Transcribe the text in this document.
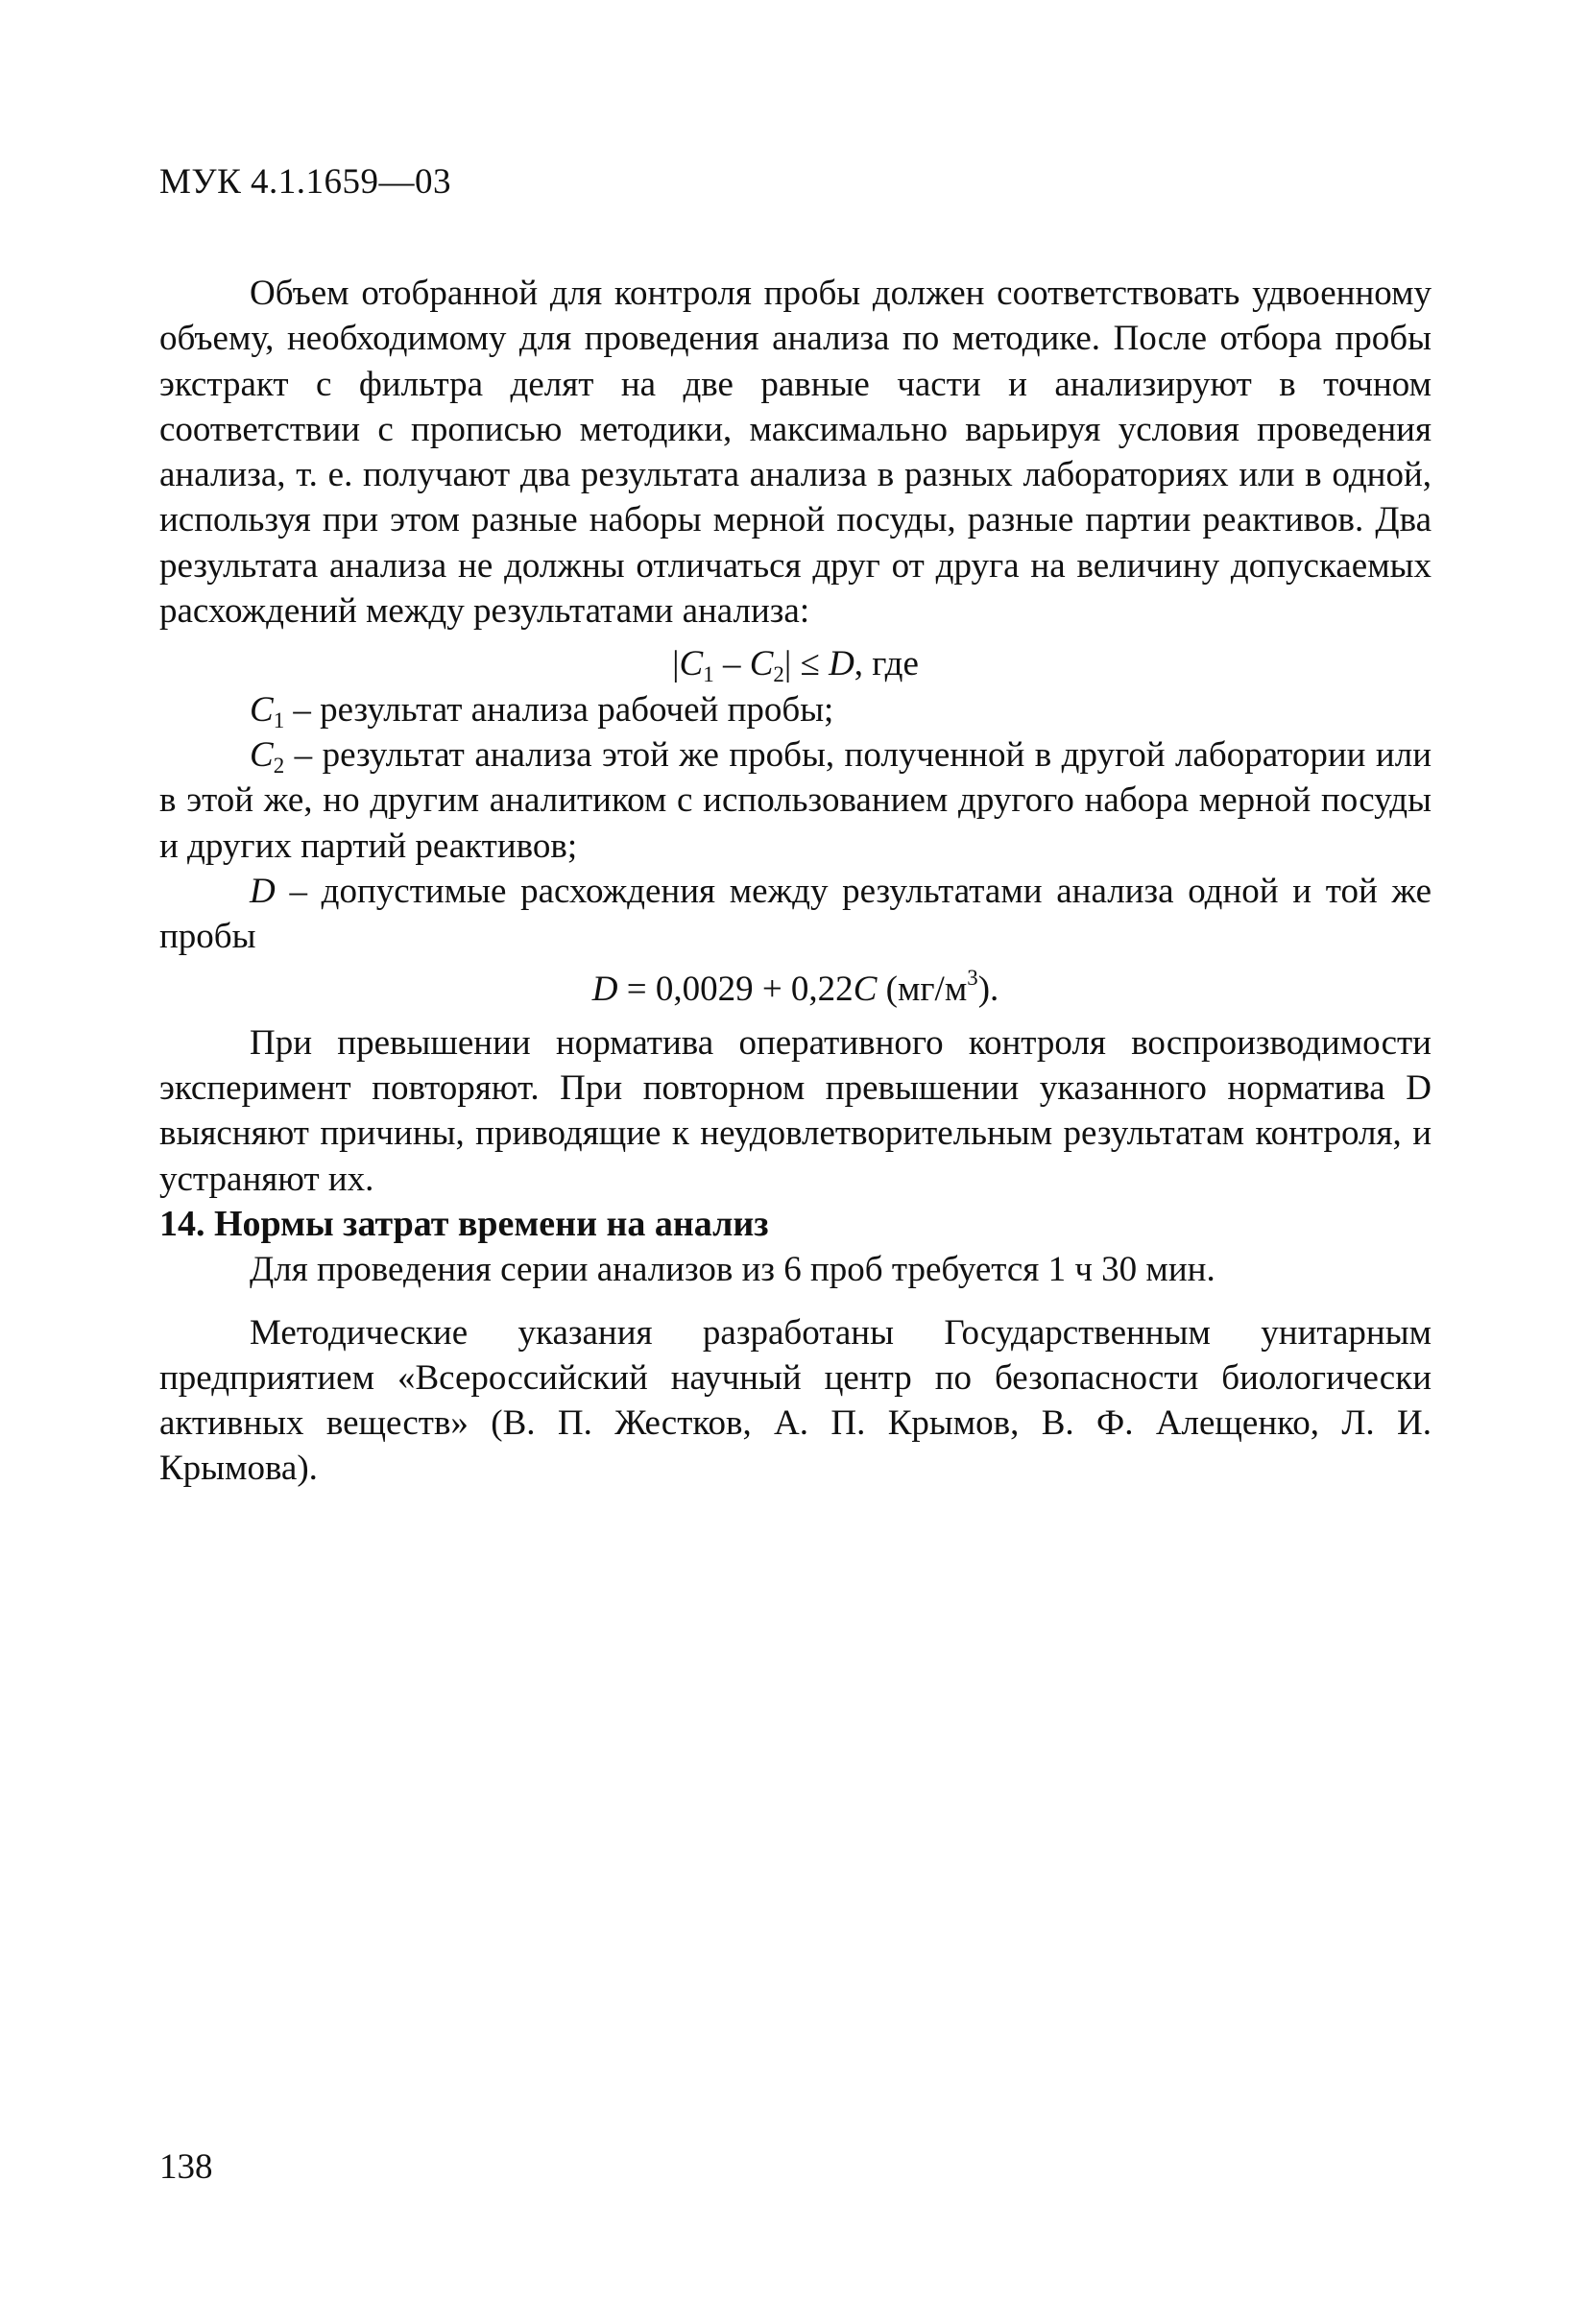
МУК 4.1.1659—03

Объем отобранной для контроля пробы должен соответствовать удвоенному объему, необходимому для проведения анализа по методике. После отбора пробы экстракт с фильтра делят на две равные части и анализируют в точном соответствии с прописью методики, максимально варьируя условия проведения анализа, т. е. получают два результата анализа в разных лабораториях или в одной, используя при этом разные наборы мерной посуды, разные партии реактивов. Два результата анализа не должны отличаться друг от друга на величину допускаемых расхождений между результатами анализа:

$|C_1 - C_2| \le D$, где

$C_1$ – результат анализа рабочей пробы;

$C_2$ – результат анализа этой же пробы, полученной в другой лаборатории или в этой же, но другим аналитиком с использованием другого набора мерной посуды и других партий реактивов;

D – допустимые расхождения между результатами анализа одной и той же пробы

D = 0,0029 + 0,22C $(мг/м^3)$.

При превышении норматива оперативного контроля воспроизводимости эксперимент повторяют. При повторном превышении указанного норматива D выясняют причины, приводящие к неудовлетворительным результатам контроля, и устраняют их.

14. Нормы затрат времени на анализ

Для проведения серии анализов из 6 проб требуется 1 ч 30 мин.

Методические указания разработаны Государственным унитарным предприятием «Всероссийский научный центр по безопасности биологически активных веществ» (В. П. Жестков, А. П. Крымов, В. Ф. Алещенко, Л. И. Крымова).

138
